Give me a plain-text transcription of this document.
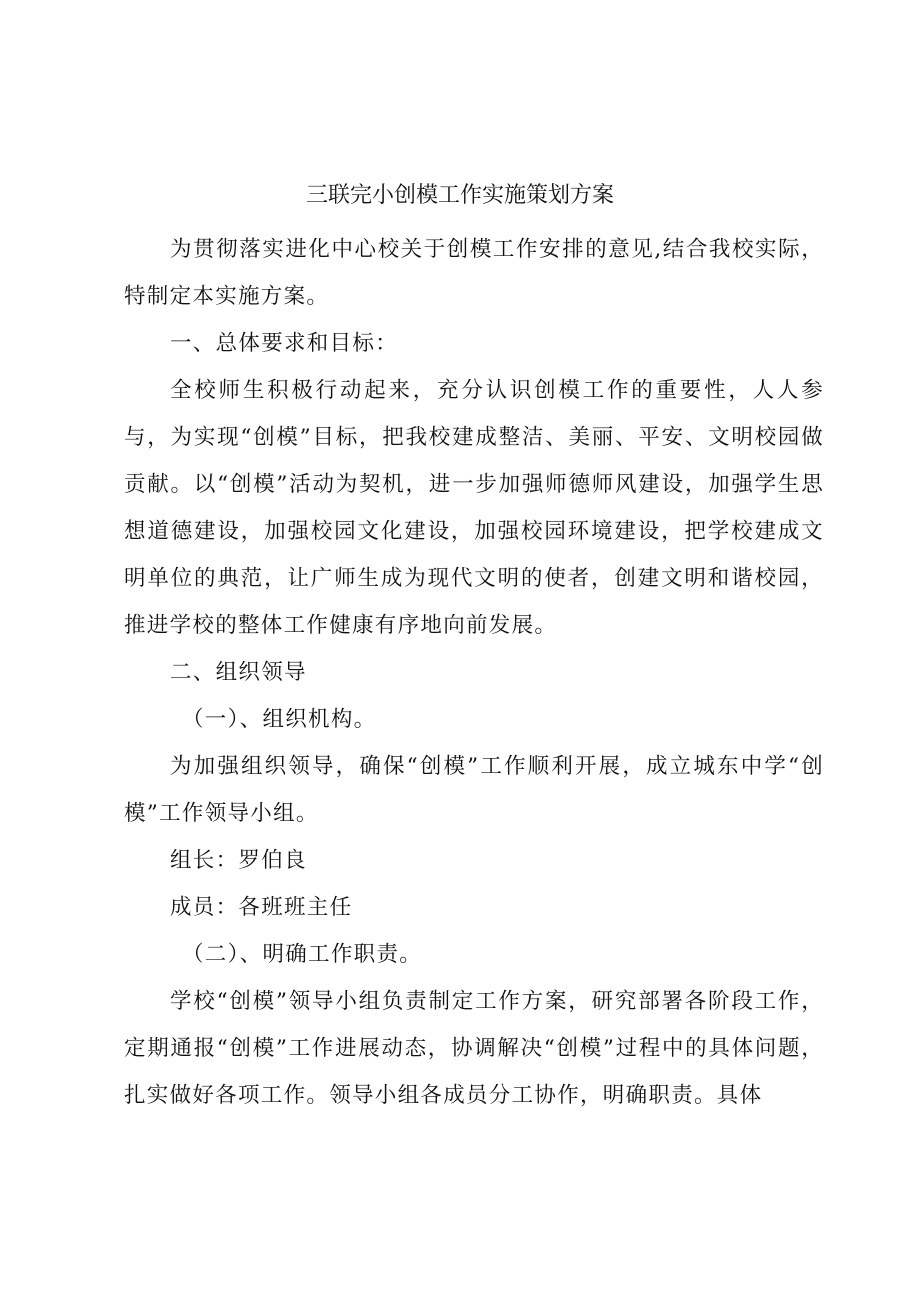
三联完小创模工作实施策划方案

为贯彻落实进化中心校关于创模工作安排的意见,结合我校实际，特制定本实施方案。

一、总体要求和目标：

全校师生积极行动起来，充分认识创模工作的重要性，人人参与，为实现“创模”目标，把我校建成整洁、美丽、平安、文明校园做贡献。以“创模”活动为契机，进一步加强师德师风建设，加强学生思想道德建设，加强校园文化建设，加强校园环境建设，把学校建成文明单位的典范，让广师生成为现代文明的使者，创建文明和谐校园，推进学校的整体工作健康有序地向前发展。

二、组织领导

（一）、组织机构。

为加强组织领导，确保“创模”工作顺利开展，成立城东中学“创模”工作领导小组。

组长：罗伯良

成员：各班班主任

（二）、明确工作职责。

学校“创模”领导小组负责制定工作方案，研究部署各阶段工作，定期通报“创模”工作进展动态，协调解决“创模”过程中的具体问题，扎实做好各项工作。领导小组各成员分工协作，明确职责。具体
